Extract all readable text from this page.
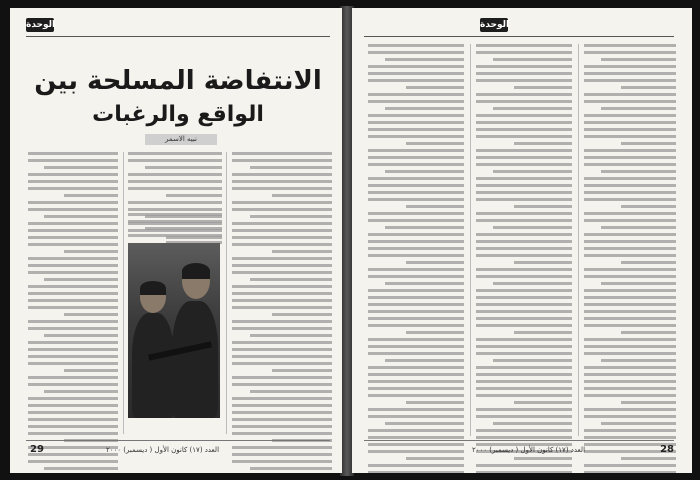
الوحدة
الانتفاضة المسلحة بين
الواقع والرغبات
نبيه الاسمر
29	العدد (١٧) كانون الأول ( ديسمبر) ٢٠٠٠
الوحدة
28
العدد (١٧) كانون الأول ( ديسمبر) ٢٠٠٠
